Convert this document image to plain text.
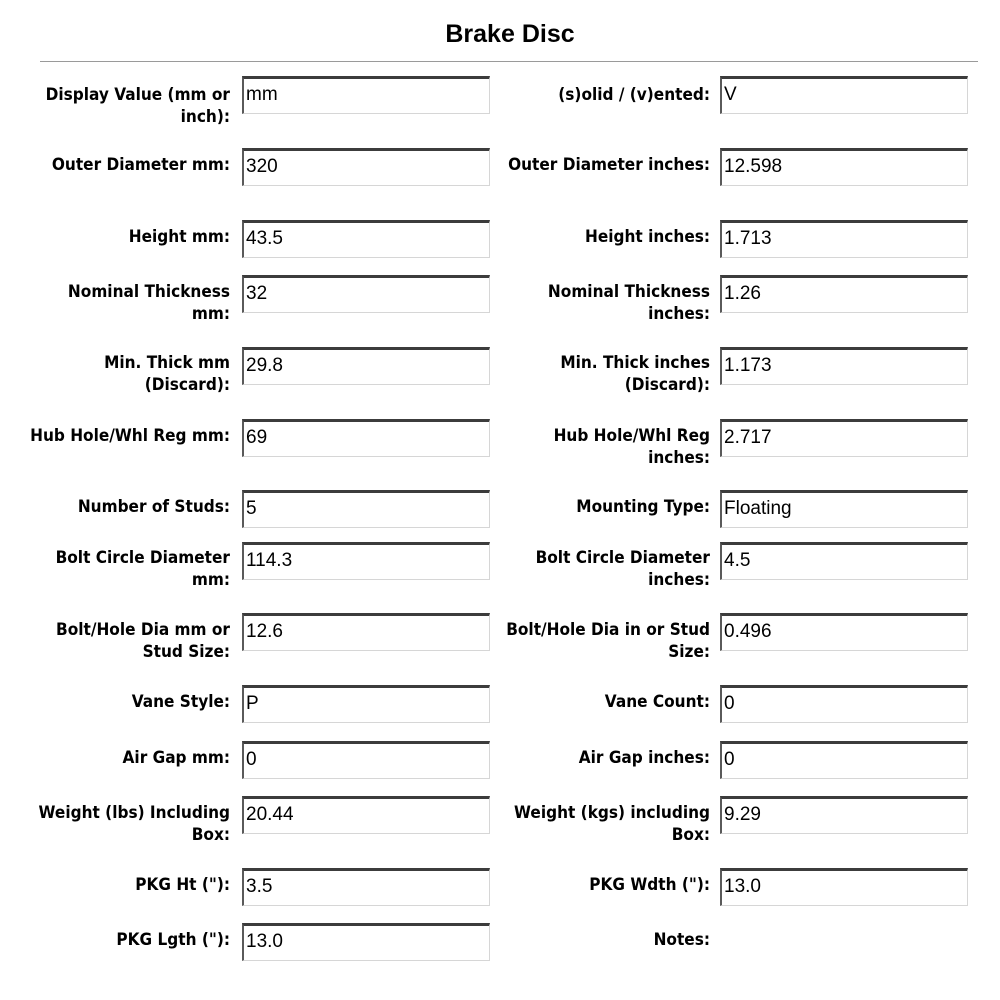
Brake Disc
Display Value (mm or inch):
mm
Outer Diameter mm: 320
Height mm: 43.5
Nominal Thickness mm:
32
Min. Thick mm (Discard):
29.8
Hub Hole/Whl Reg mm: 69
Number of Studs: 5
Bolt Circle Diameter mm:
114.3
Bolt/Hole Dia mm or Stud Size:
12.6
Vane Style: P
Air Gap mm: 0
Weight (lbs) Including Box:
20.44
PKG Ht ("): 3.5
PKG Lgth ("): 13.0
(s)olid / (v)ented: V
Outer Diameter inches: 12.598
Height inches: 1.713
Nominal Thickness inches:
1.26
Min. Thick inches (Discard):
1.173
Hub Hole/Whl Reg inches:
2.717
Mounting Type: Floating
Bolt Circle Diameter inches:
4.5
Bolt/Hole Dia in or Stud Size:
0.496
Vane Count: 0
Air Gap inches: 0
Weight (kgs) including Box:
9.29
PKG Wdth ("): 13.0
Notes:
